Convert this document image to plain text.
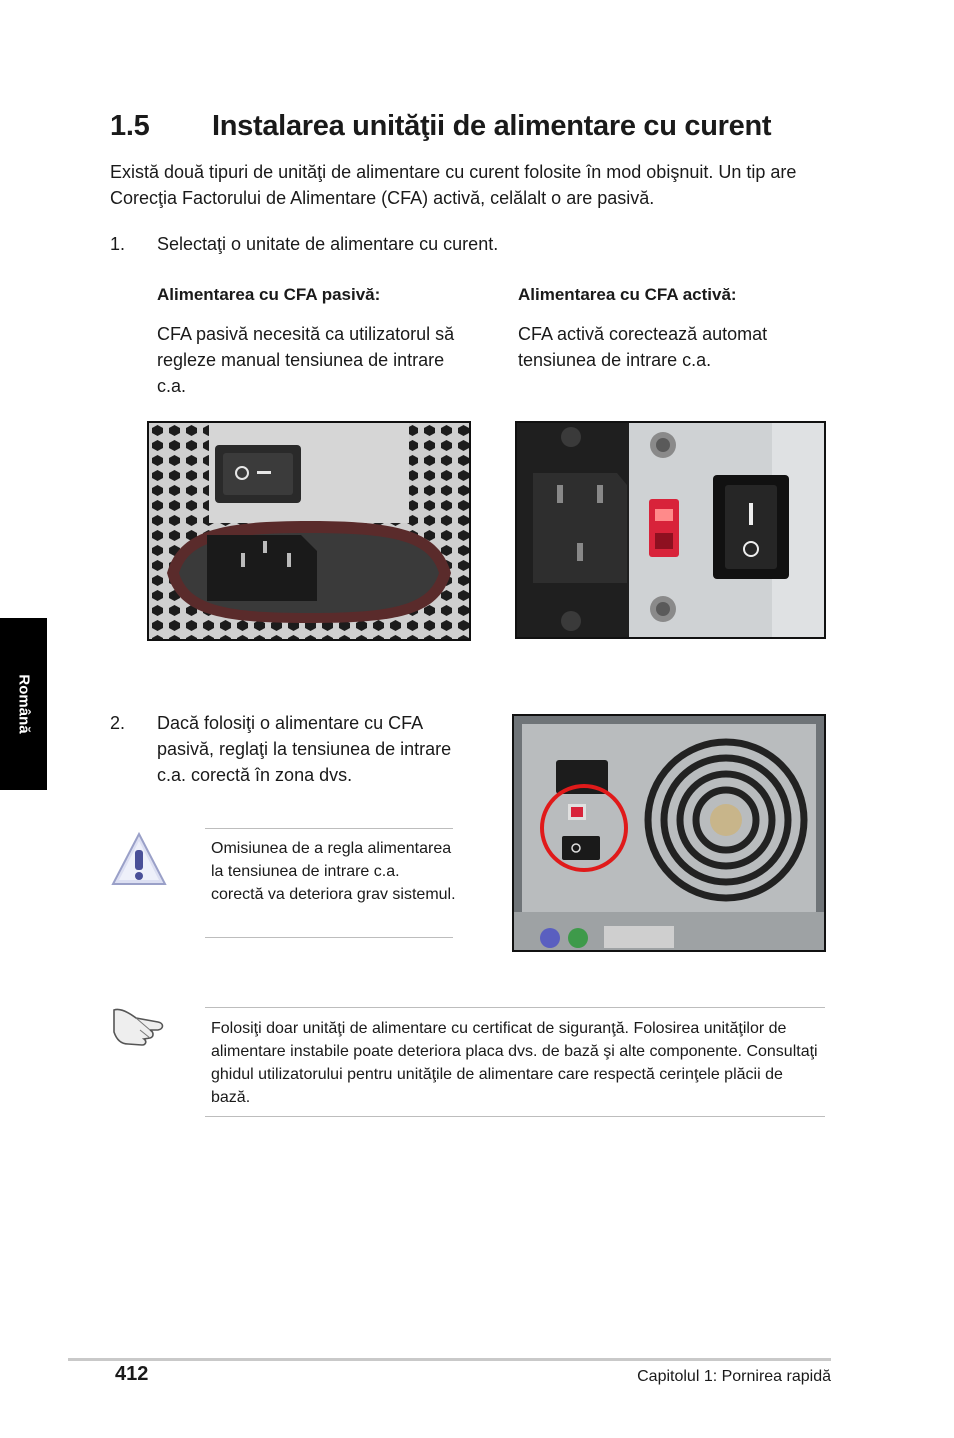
1.5 Instalarea unităţii de alimentare cu curent
Există două tipuri de unităţi de alimentare cu curent folosite în mod obişnuit. Un tip are Corecţia Factorului de Alimentare (CFA) activă, celălalt o are pasivă.
1. Selectaţi o unitate de alimentare cu curent.
Alimentarea cu CFA pasivă:
CFA pasivă necesită ca utilizatorul să regleze manual tensiunea de intrare c.a.
Alimentarea cu CFA activă:
CFA activă corectează automat tensiunea de intrare c.a.
Română	2. Dacă folosiţi o alimentare cu CFA pasivă, reglaţi la tensiunea de intrare c.a. corectă în zona dvs.
Omisiunea de a regla alimentarea la tensiunea de intrare c.a. corectă va deteriora grav sistemul.
Folosiţi doar unităţi de alimentare cu certificat de siguranţă. Folosirea unităţilor de alimentare instabile poate deteriora placa dvs. de bază şi alte componente. Consultaţi ghidul utilizatorului pentru unităţile de alimentare care respectă cerinţele plăcii de bază.
412	Capitolul 1: Pornirea rapidă
